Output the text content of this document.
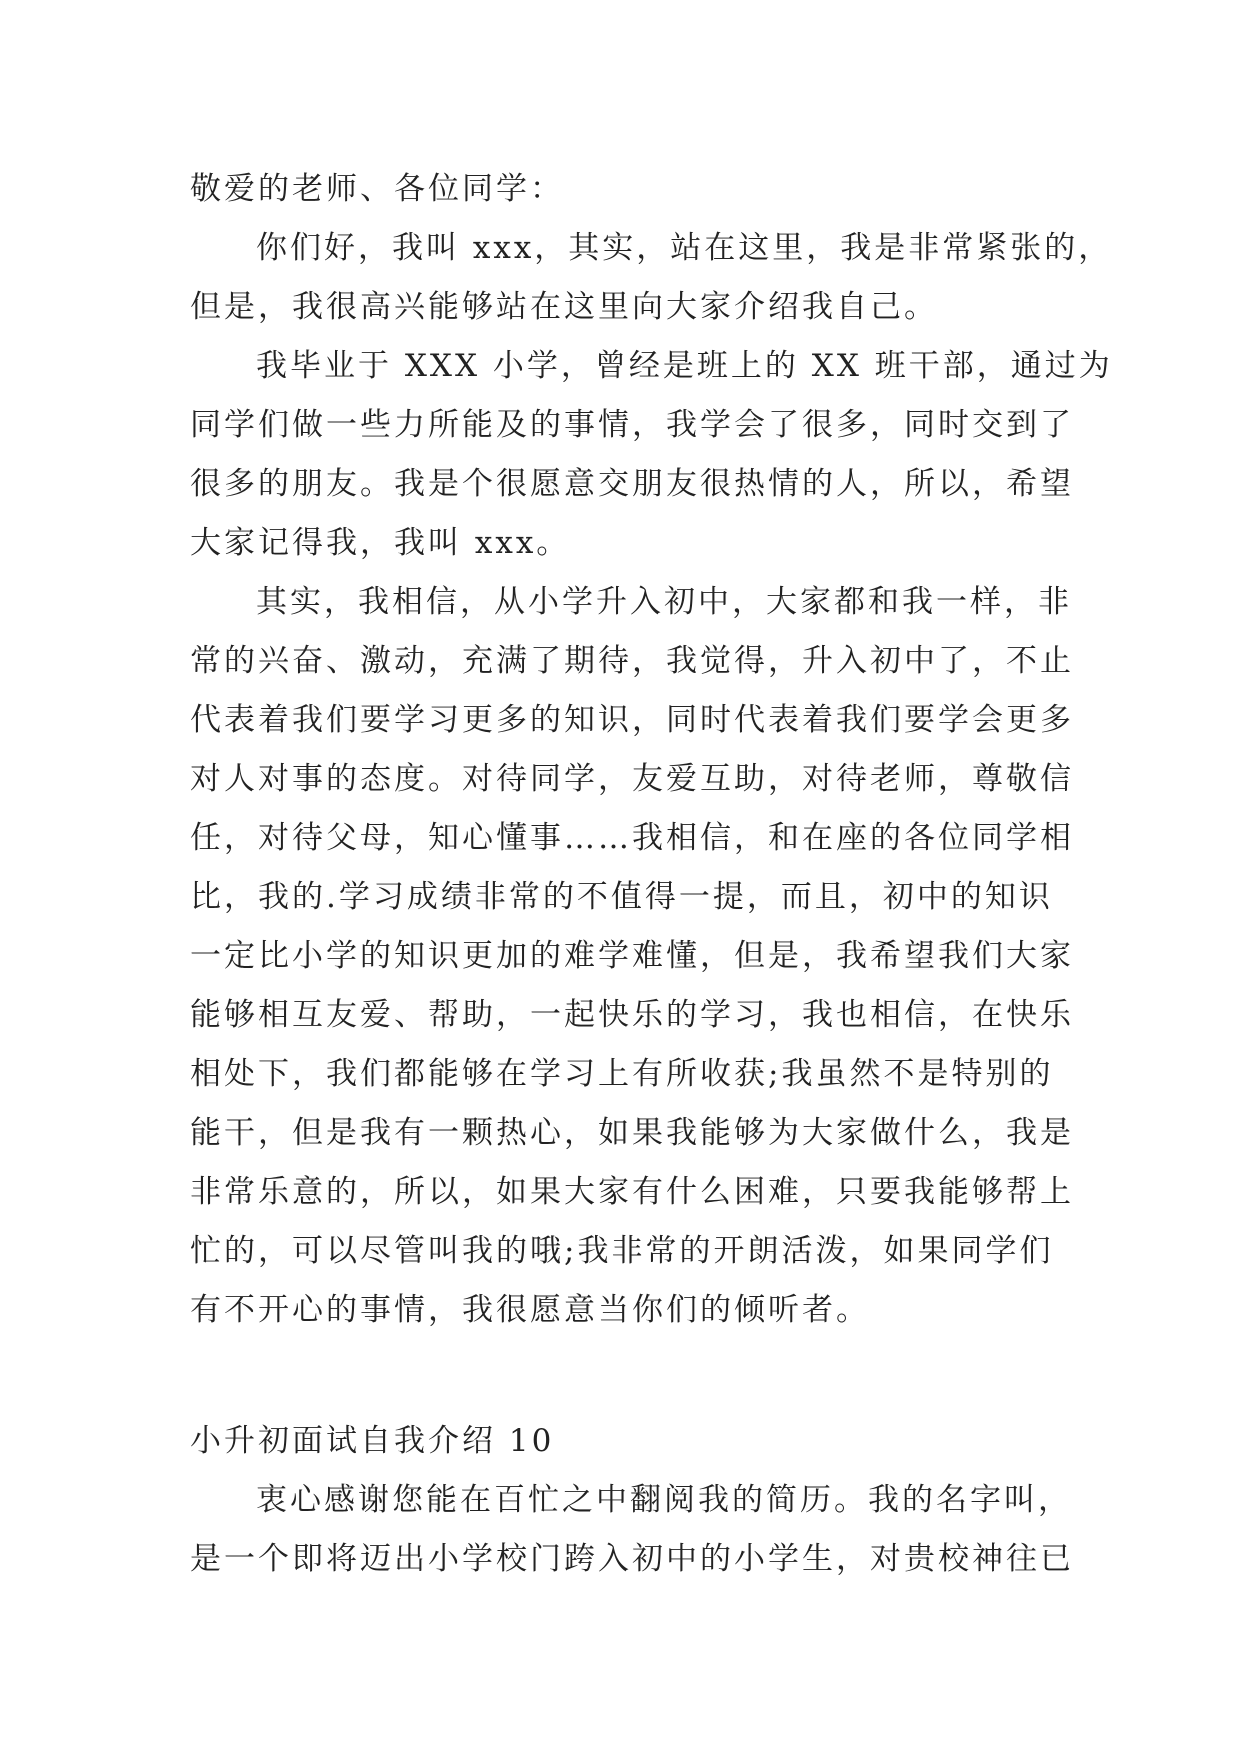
敬爱的老师、各位同学：
你们好，我叫 xxx，其实，站在这里，我是非常紧张的，
但是，我很高兴能够站在这里向大家介绍我自己。
我毕业于 XXX 小学，曾经是班上的 XX 班干部，通过为
同学们做一些力所能及的事情，我学会了很多，同时交到了
很多的朋友。我是个很愿意交朋友很热情的人，所以，希望
大家记得我，我叫 xxx。
其实，我相信，从小学升入初中，大家都和我一样，非
常的兴奋、激动，充满了期待，我觉得，升入初中了，不止
代表着我们要学习更多的知识，同时代表着我们要学会更多
对人对事的态度。对待同学，友爱互助，对待老师，尊敬信
任，对待父母，知心懂事……我相信，和在座的各位同学相
比，我的.学习成绩非常的不值得一提，而且，初中的知识
一定比小学的知识更加的难学难懂，但是，我希望我们大家
能够相互友爱、帮助，一起快乐的学习，我也相信，在快乐
相处下，我们都能够在学习上有所收获;我虽然不是特别的
能干，但是我有一颗热心，如果我能够为大家做什么，我是
非常乐意的，所以，如果大家有什么困难，只要我能够帮上
忙的，可以尽管叫我的哦;我非常的开朗活泼，如果同学们
有不开心的事情，我很愿意当你们的倾听者。
小升初面试自我介绍 10
衷心感谢您能在百忙之中翻阅我的简历。我的名字叫，
是一个即将迈出小学校门跨入初中的小学生，对贵校神往已
